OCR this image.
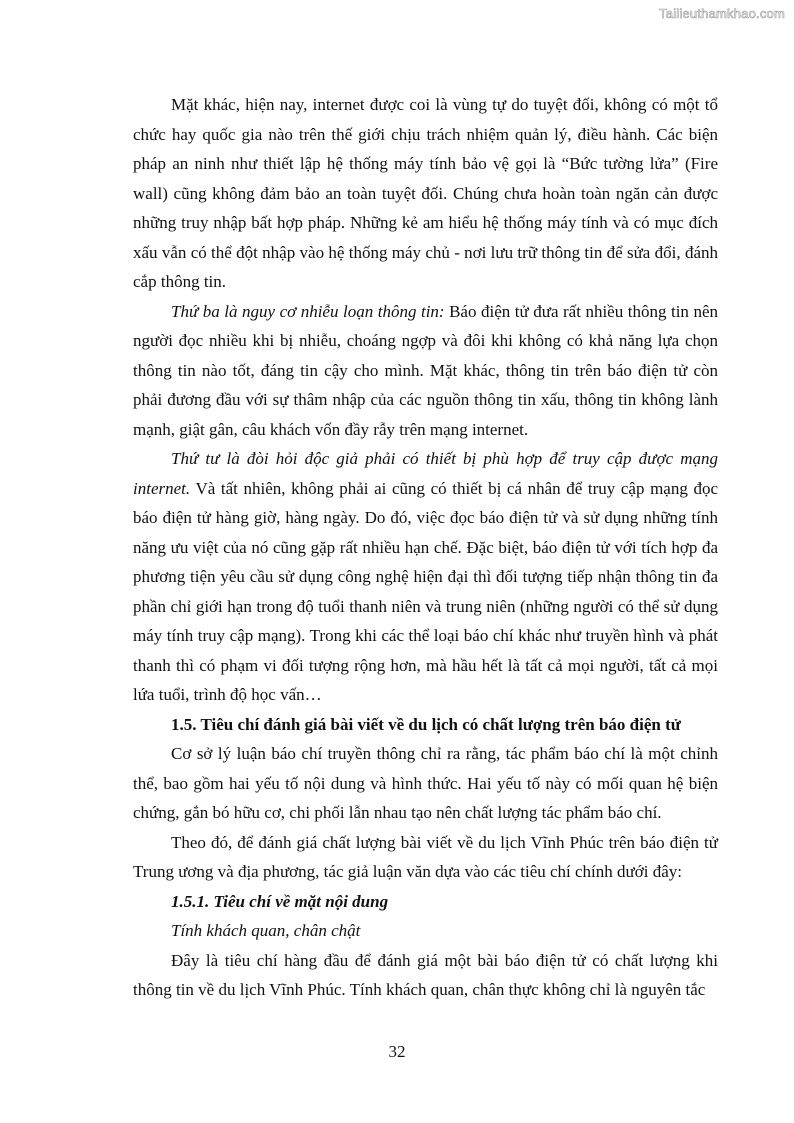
Tailieuthamkhao.com

Mặt khác, hiện nay, internet được coi là vùng tự do tuyệt đối, không có một tổ chức hay quốc gia nào trên thế giới chịu trách nhiệm quản lý, điều hành. Các biện pháp an ninh như thiết lập hệ thống máy tính bảo vệ gọi là “Bức tường lửa” (Fire wall) cũng không đảm bảo an toàn tuyệt đối. Chúng chưa hoàn toàn ngăn cản được những truy nhập bất hợp pháp. Những kẻ am hiểu hệ thống máy tính và có mục đích xấu vẫn có thể đột nhập vào hệ thống máy chủ - nơi lưu trữ thông tin để sửa đổi, đánh cắp thông tin.

Thứ ba là nguy cơ nhiễu loạn thông tin: Báo điện tử đưa rất nhiều thông tin nên người đọc nhiều khi bị nhiễu, choáng ngợp và đôi khi không có khả năng lựa chọn thông tin nào tốt, đáng tin cậy cho mình. Mặt khác, thông tin trên báo điện tử còn phải đương đầu với sự thâm nhập của các nguồn thông tin xấu, thông tin không lành mạnh, giật gân, câu khách vốn đầy rẫy trên mạng internet.

Thứ tư là đòi hỏi độc giả phải có thiết bị phù hợp để truy cập được mạng internet. Và tất nhiên, không phải ai cũng có thiết bị cá nhân để truy cập mạng đọc báo điện tử hàng giờ, hàng ngày. Do đó, việc đọc báo điện tử và sử dụng những tính năng ưu việt của nó cũng gặp rất nhiều hạn chế. Đặc biệt, báo điện tử với tích hợp đa phương tiện yêu cầu sử dụng công nghệ hiện đại thì đối tượng tiếp nhận thông tin đa phần chỉ giới hạn trong độ tuổi thanh niên và trung niên (những người có thể sử dụng máy tính truy cập mạng). Trong khi các thể loại báo chí khác như truyền hình và phát thanh thì có phạm vi đối tượng rộng hơn, mà hầu hết là tất cả mọi người, tất cả mọi lứa tuổi, trình độ học vấn…

1.5. Tiêu chí đánh giá bài viết về du lịch có chất lượng trên báo điện tử

Cơ sở lý luận báo chí truyền thông chỉ ra rằng, tác phẩm báo chí là một chỉnh thể, bao gồm hai yếu tố nội dung và hình thức. Hai yếu tố này có mối quan hệ biện chứng, gắn bó hữu cơ, chi phối lẫn nhau tạo nên chất lượng tác phẩm báo chí.

Theo đó, để đánh giá chất lượng bài viết về du lịch Vĩnh Phúc trên báo điện tử Trung ương và địa phương, tác giả luận văn dựa vào các tiêu chí chính dưới đây:

1.5.1. Tiêu chí về mặt nội dung

Tính khách quan, chân chật

Đây là tiêu chí hàng đầu để đánh giá một bài báo điện tử có chất lượng khi thông tin về du lịch Vĩnh Phúc. Tính khách quan, chân thực không chỉ là nguyên tắc

32
